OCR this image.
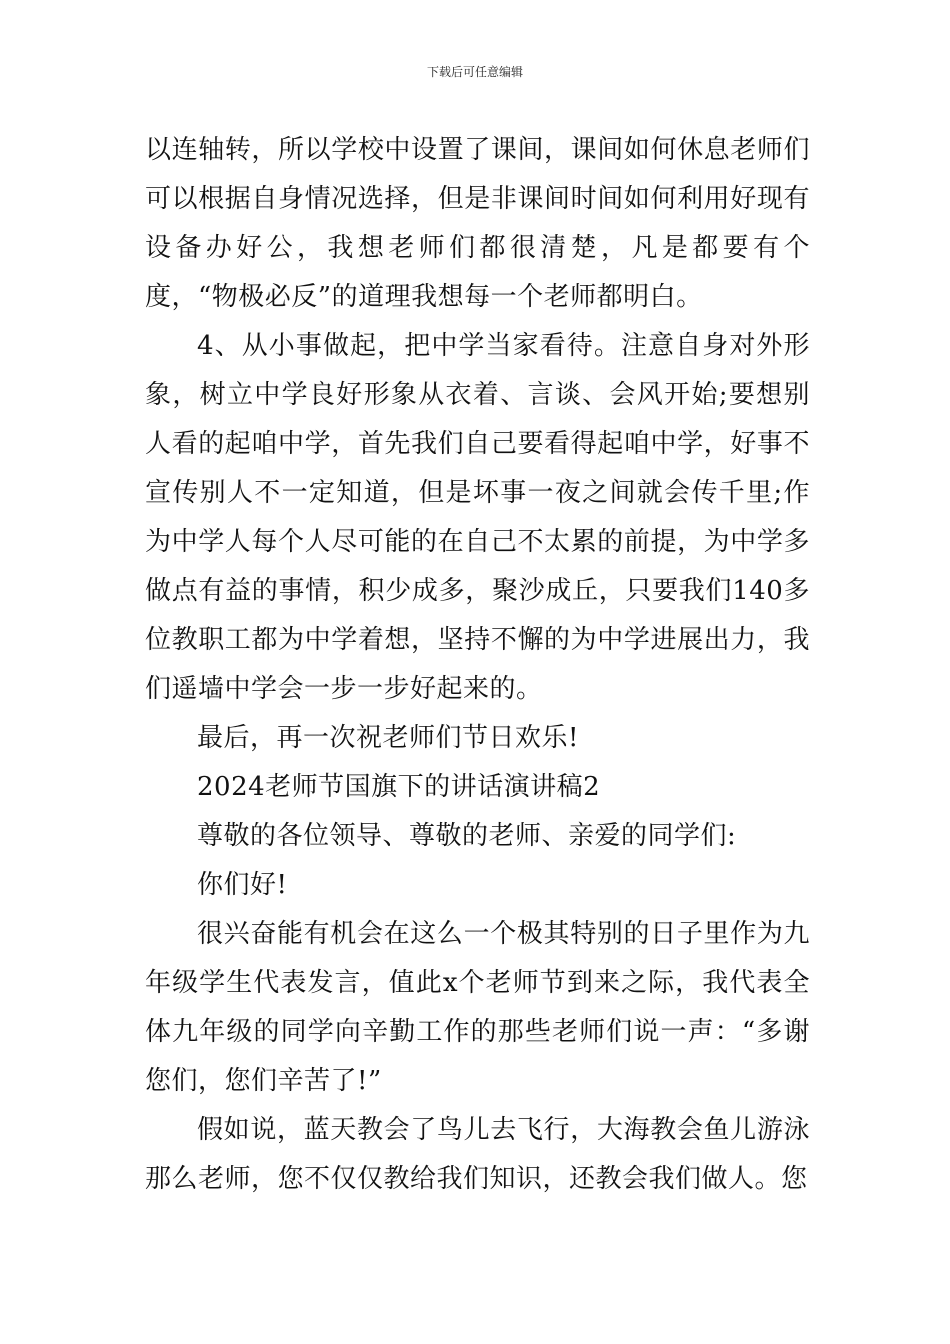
下载后可任意编辑

以连轴转，所以学校中设置了课间，课间如何休息老师们可以根据自身情况选择，但是非课间时间如何利用好现有设备办好公，我想老师们都很清楚，凡是都要有个度，“物极必反”的道理我想每一个老师都明白。

4、从小事做起，把中学当家看待。注意自身对外形象，树立中学良好形象从衣着、言谈、会风开始;要想别人看的起咱中学，首先我们自己要看得起咱中学，好事不宣传别人不一定知道，但是坏事一夜之间就会传千里;作为中学人每个人尽可能的在自己不太累的前提，为中学多做点有益的事情，积少成多，聚沙成丘，只要我们140多位教职工都为中学着想，坚持不懈的为中学进展出力，我们遥墙中学会一步一步好起来的。

最后，再一次祝老师们节日欢乐!

2024老师节国旗下的讲话演讲稿2

尊敬的各位领导、尊敬的老师、亲爱的同学们:

你们好!

很兴奋能有机会在这么一个极其特别的日子里作为九年级学生代表发言，值此x个老师节到来之际，我代表全体九年级的同学向辛勤工作的那些老师们说一声：“多谢您们，您们辛苦了!”

假如说，蓝天教会了鸟儿去飞行，大海教会鱼儿游泳那么老师，您不仅仅教给我们知识，还教会我们做人。您
